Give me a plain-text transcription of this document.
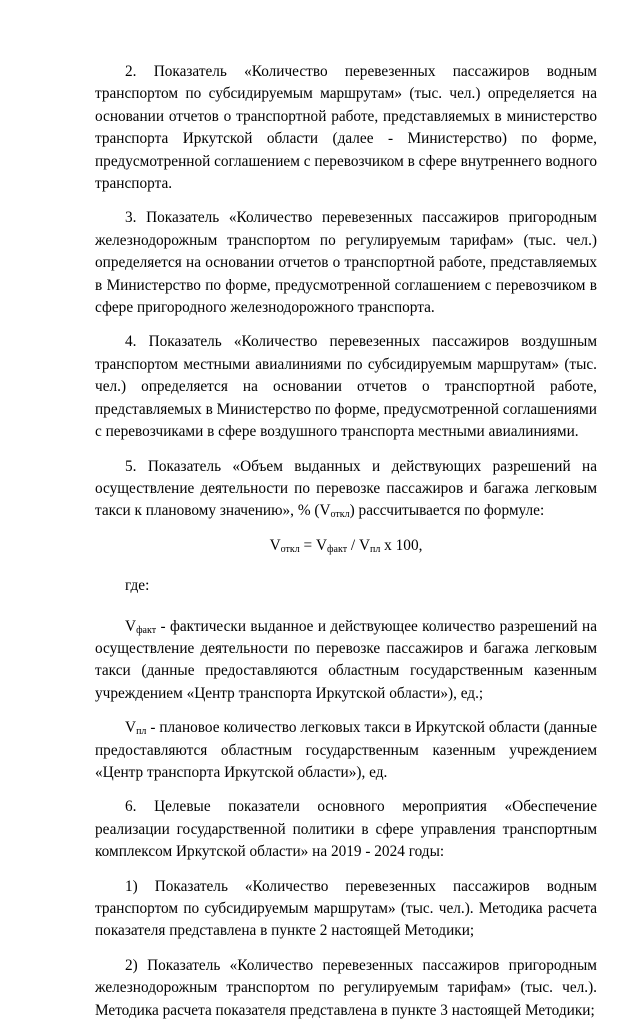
2. Показатель «Количество перевезенных пассажиров водным транспортом по субсидируемым маршрутам» (тыс. чел.) определяется на основании отчетов о транспортной работе, представляемых в министерство транспорта Иркутской области (далее - Министерство) по форме, предусмотренной соглашением с перевозчиком в сфере внутреннего водного транспорта.

3. Показатель «Количество перевезенных пассажиров пригородным железнодорожным транспортом по регулируемым тарифам» (тыс. чел.) определяется на основании отчетов о транспортной работе, представляемых в Министерство по форме, предусмотренной соглашением с перевозчиком в сфере пригородного железнодорожного транспорта.

4. Показатель «Количество перевезенных пассажиров воздушным транспортом местными авиалиниями по субсидируемым маршрутам» (тыс. чел.) определяется на основании отчетов о транспортной работе, представляемых в Министерство по форме, предусмотренной соглашениями с перевозчиками в сфере воздушного транспорта местными авиалиниями.

5. Показатель «Объем выданных и действующих разрешений на осуществление деятельности по перевозке пассажиров и багажа легковым такси к плановому значению», % $(V_{откл})$ рассчитывается по формуле:

$V_{откл} = V_{факт} / V_{пл}$ x 100,

где:

$V_{факт}$ - фактически выданное и действующее количество разрешений на осуществление деятельности по перевозке пассажиров и багажа легковым такси (данные предоставляются областным государственным казенным учреждением «Центр транспорта Иркутской области»), ед.;

$V_{пл}$ - плановое количество легковых такси в Иркутской области (данные предоставляются областным государственным казенным учреждением «Центр транспорта Иркутской области»), ед.

6. Целевые показатели основного мероприятия «Обеспечение реализации государственной политики в сфере управления транспортным комплексом Иркутской области» на 2019 - 2024 годы:

1) Показатель «Количество перевезенных пассажиров водным транспортом по субсидируемым маршрутам» (тыс. чел.). Методика расчета показателя представлена в пункте 2 настоящей Методики;

2) Показатель «Количество перевезенных пассажиров пригородным железнодорожным транспортом по регулируемым тарифам» (тыс. чел.). Методика расчета показателя представлена в пункте 3 настоящей Методики;
